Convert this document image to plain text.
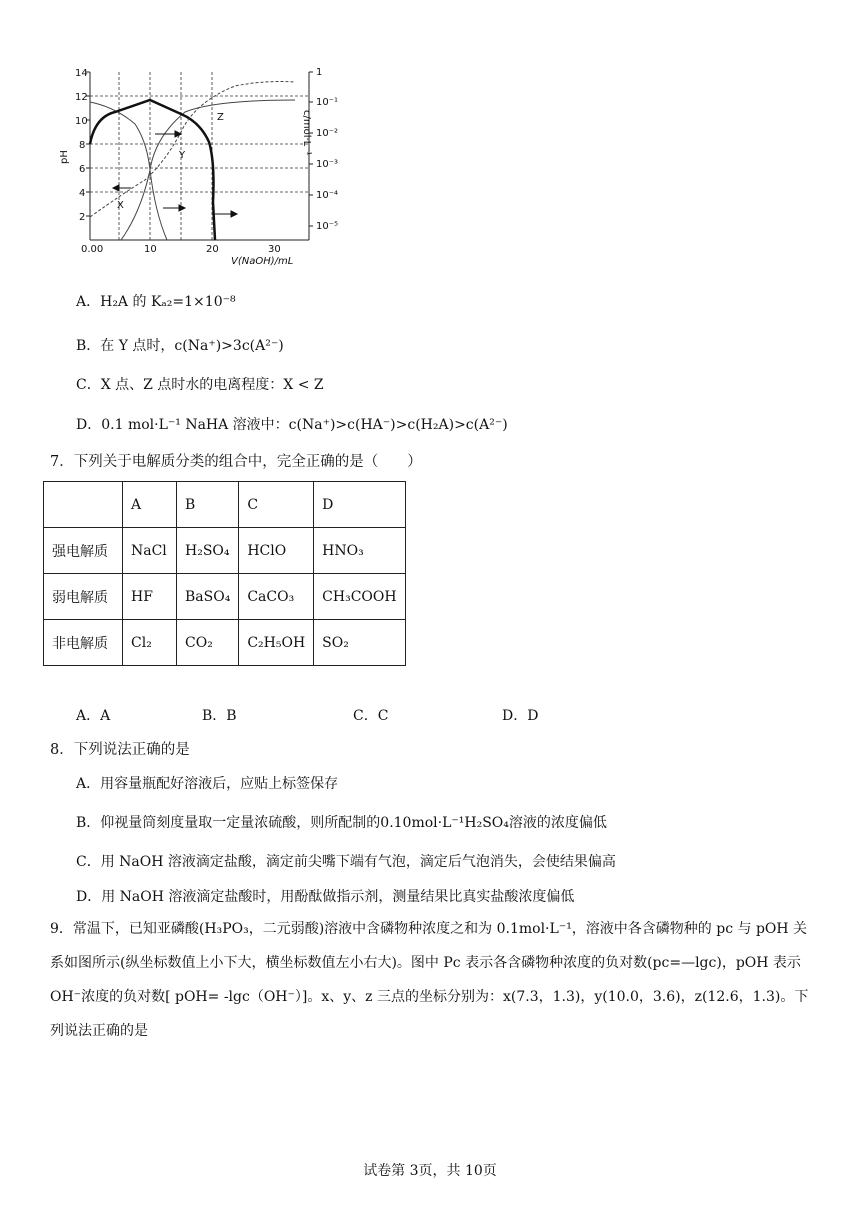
14
12
10
8
6
4
2
0.00	10	20	30
1
10⁻¹
10⁻²
10⁻³
10⁻⁴
10⁻⁵
X
Y
Z
V(NaOH)/mL
pH
c/mol·L⁻¹
A．H₂A 的 Kₐ₂=1×10⁻⁸
B．在 Y 点时，c(Na⁺)>3c(A²⁻)
C．X 点、Z 点时水的电离程度：X < Z
D．0.1 mol·L⁻¹ NaHA 溶液中：c(Na⁺)>c(HA⁻)>c(H₂A)>c(A²⁻)
7．下列关于电解质分类的组合中，完全正确的是（　　）
	A	B	C	D
强电解质	NaCl	H₂SO₄	HClO	HNO₃
弱电解质	HF	BaSO₄	CaCO₃	CH₃COOH
非电解质	Cl₂	CO₂	C₂H₅OH	SO₂
A．A	B．B	C．C	D．D
8．下列说法正确的是
A．用容量瓶配好溶液后，应贴上标签保存
B．仰视量筒刻度量取一定量浓硫酸，则所配制的0.10mol·L⁻¹H₂SO₄溶液的浓度偏低
C．用 NaOH 溶液滴定盐酸，滴定前尖嘴下端有气泡，滴定后气泡消失，会使结果偏高
D．用 NaOH 溶液滴定盐酸时，用酚酞做指示剂，测量结果比真实盐酸浓度偏低
9．常温下，已知亚磷酸(H₃PO₃，二元弱酸)溶液中含磷物种浓度之和为 0.1mol·L⁻¹，溶液中各含磷物种的 pc 与 pOH 关系如图所示(纵坐标数值上小下大，横坐标数值左小右大)。图中 Pc 表示各含磷物种浓度的负对数(pc=—lgc)，pOH 表示 OH⁻浓度的负对数[ pOH= -lgc（OH⁻）]。x、y、z 三点的坐标分别为：x(7.3，1.3)，y(10.0，3.6)，z(12.6，1.3)。下列说法正确的是
试卷第 3页，共 10页
